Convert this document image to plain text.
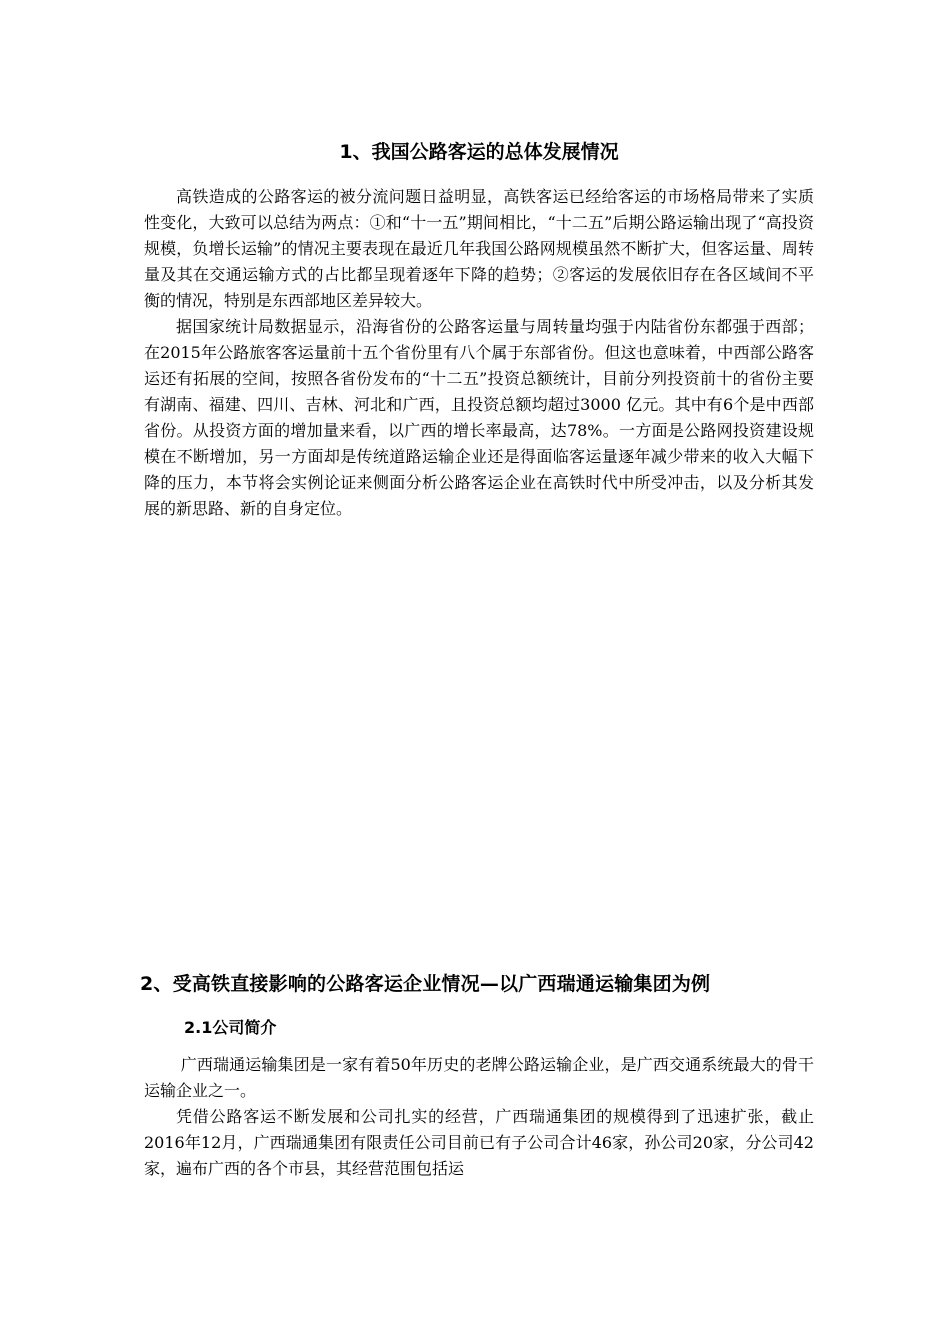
1、我国公路客运的总体发展情况

高铁造成的公路客运的被分流问题日益明显，高铁客运已经给客运的市场格局带来了实质性变化，大致可以总结为两点：①和“十一五”期间相比，“十二五”后期公路运输出现了“高投资规模，负增长运输”的情况主要表现在最近几年我国公路网规模虽然不断扩大，但客运量、周转量及其在交通运输方式的占比都呈现着逐年下降的趋势；②客运的发展依旧存在各区域间不平衡的情况，特别是东西部地区差异较大。

据国家统计局数据显示，沿海省份的公路客运量与周转量均强于内陆省份东都强于西部；在2015年公路旅客客运量前十五个省份里有八个属于东部省份。但这也意味着，中西部公路客运还有拓展的空间，按照各省份发布的“十二五”投资总额统计，目前分列投资前十的省份主要有湖南、福建、四川、吉林、河北和广西，且投资总额均超过3000 亿元。其中有6个是中西部省份。从投资方面的增加量来看，以广西的增长率最高，达78%。一方面是公路网投资建设规模在不断增加，另一方面却是传统道路运输企业还是得面临客运量逐年减少带来的收入大幅下降的压力，本节将会实例论证来侧面分析公路客运企业在高铁时代中所受冲击，以及分析其发展的新思路、新的自身定位。

2、受高铁直接影响的公路客运企业情况—以广西瑞通运输集团为例
2.1公司简介

广西瑞通运输集团是一家有着50年历史的老牌公路运输企业，是广西交通系统最大的骨干运输企业之一。

凭借公路客运不断发展和公司扎实的经营，广西瑞通集团的规模得到了迅速扩张，截止2016年12月，广西瑞通集团有限责任公司目前已有子公司合计46家，孙公司20家，分公司42家，遍布广西的各个市县，其经营范围包括运
